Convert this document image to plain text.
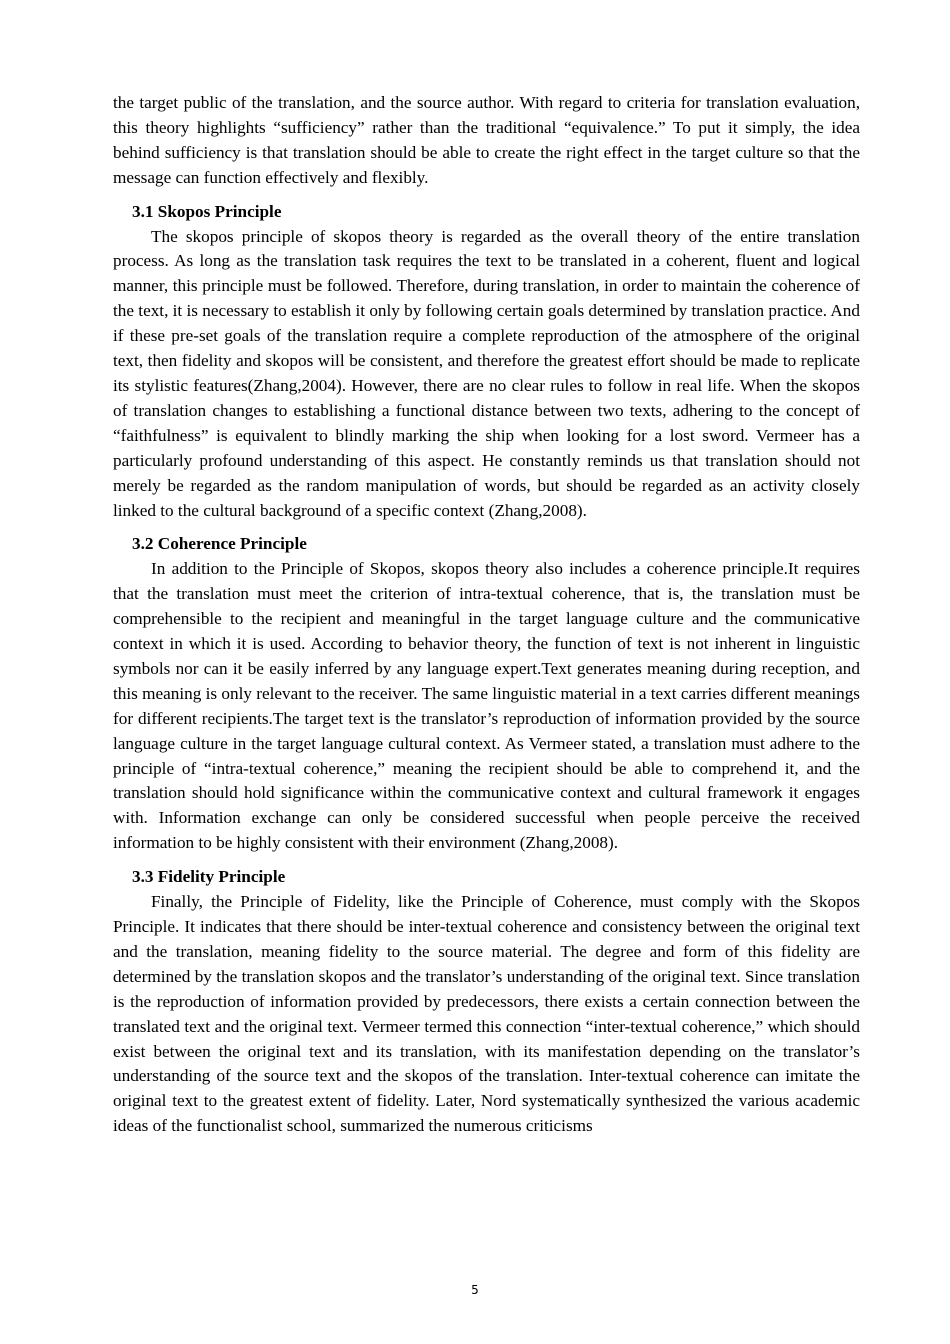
the target public of the translation, and the source author. With regard to criteria for translation evaluation, this theory highlights “sufficiency” rather than the traditional “equivalence.” To put it simply, the idea behind sufficiency is that translation should be able to create the right effect in the target culture so that the message can function effectively and flexibly.

3.1 Skopos Principle

The skopos principle of skopos theory is regarded as the overall theory of the entire translation process. As long as the translation task requires the text to be translated in a coherent, fluent and logical manner, this principle must be followed. Therefore, during translation, in order to maintain the coherence of the text, it is necessary to establish it only by following certain goals determined by translation practice. And if these pre-set goals of the translation require a complete reproduction of the atmosphere of the original text, then fidelity and skopos will be consistent, and therefore the greatest effort should be made to replicate its stylistic features(Zhang,2004). However, there are no clear rules to follow in real life. When the skopos of translation changes to establishing a functional distance between two texts, adhering to the concept of “faithfulness” is equivalent to blindly marking the ship when looking for a lost sword. Vermeer has a particularly profound understanding of this aspect. He constantly reminds us that translation should not merely be regarded as the random manipulation of words, but should be regarded as an activity closely linked to the cultural background of a specific context (Zhang,2008).

3.2 Coherence Principle

In addition to the Principle of Skopos, skopos theory also includes a coherence principle.It requires that the translation must meet the criterion of intra-textual coherence, that is, the translation must be comprehensible to the recipient and meaningful in the target language culture and the communicative context in which it is used. According to behavior theory, the function of text is not inherent in linguistic symbols nor can it be easily inferred by any language expert.Text generates meaning during reception, and this meaning is only relevant to the receiver. The same linguistic material in a text carries different meanings for different recipients.The target text is the translator’s reproduction of information provided by the source language culture in the target language cultural context. As Vermeer stated, a translation must adhere to the principle of “intra-textual coherence,” meaning the recipient should be able to comprehend it, and the translation should hold significance within the communicative context and cultural framework it engages with. Information exchange can only be considered successful when people perceive the received information to be highly consistent with their environment (Zhang,2008).

3.3 Fidelity Principle

Finally, the Principle of Fidelity, like the Principle of Coherence, must comply with the Skopos Principle. It indicates that there should be inter-textual coherence and consistency between the original text and the translation, meaning fidelity to the source material. The degree and form of this fidelity are determined by the translation skopos and the translator’s understanding of the original text. Since translation is the reproduction of information provided by predecessors, there exists a certain connection between the translated text and the original text. Vermeer termed this connection “inter-textual coherence,” which should exist between the original text and its translation, with its manifestation depending on the translator’s understanding of the source text and the skopos of the translation. Inter-textual coherence can imitate the original text to the greatest extent of fidelity. Later, Nord systematically synthesized the various academic ideas of the functionalist school, summarized the numerous criticisms

5
